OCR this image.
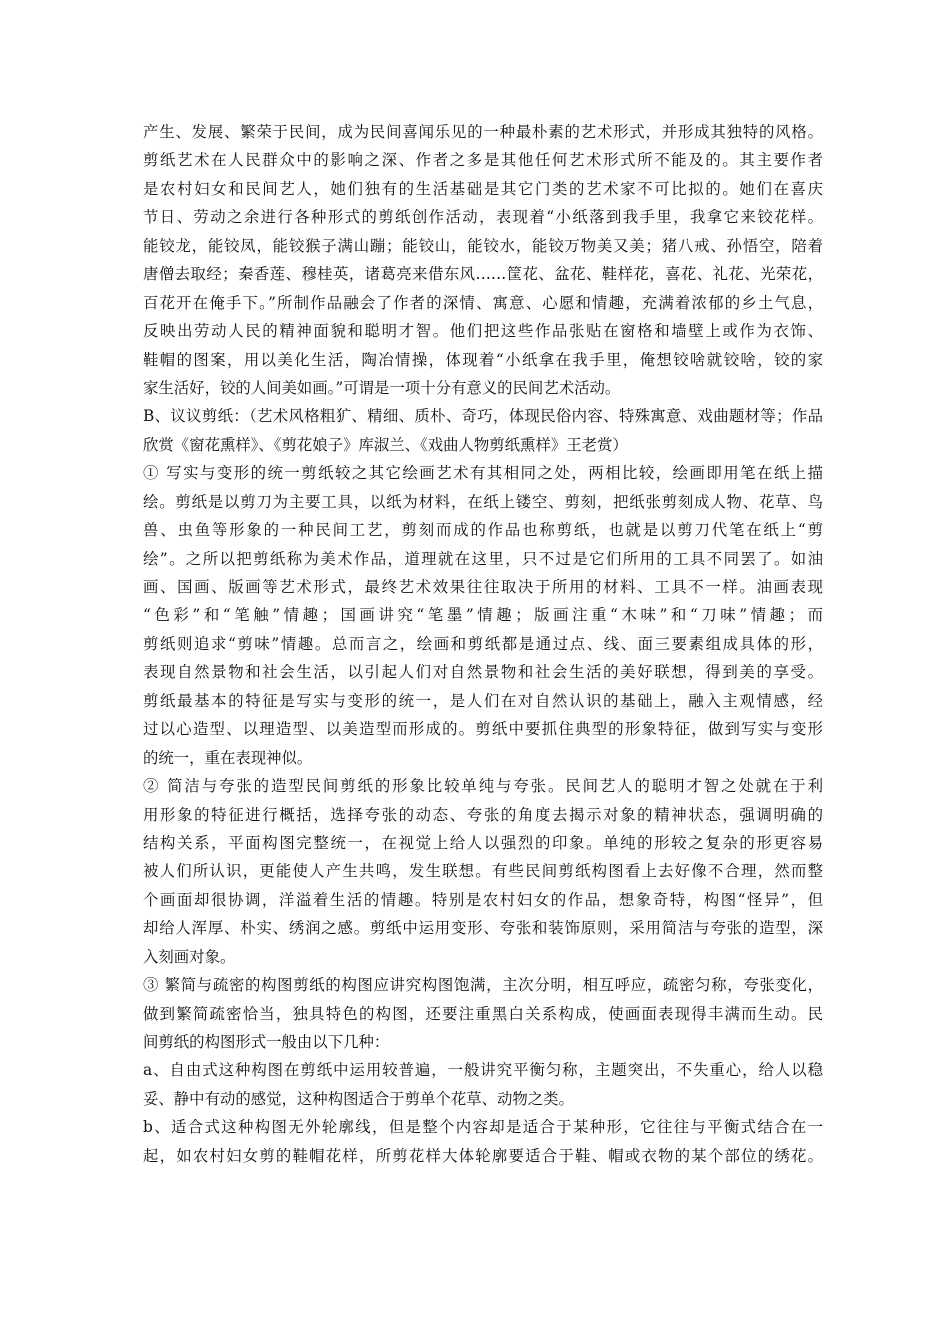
产生、发展、繁荣于民间，成为民间喜闻乐见的一种最朴素的艺术形式，并形成其独特的风格。
剪纸艺术在人民群众中的影响之深、作者之多是其他任何艺术形式所不能及的。其主要作者
是农村妇女和民间艺人，她们独有的生活基础是其它门类的艺术家不可比拟的。她们在喜庆
节日、劳动之余进行各种形式的剪纸创作活动，表现着“小纸落到我手里，我拿它来铰花样。
能铰龙，能铰凤，能铰猴子满山蹦；能铰山，能铰水，能铰万物美又美；猪八戒、孙悟空，陪着
唐僧去取经；秦香莲、穆桂英，诸葛亮来借东风……筐花、盆花、鞋样花，喜花、礼花、光荣花，
百花开在俺手下。”所制作品融会了作者的深情、寓意、心愿和情趣，充满着浓郁的乡土气息，
反映出劳动人民的精神面貌和聪明才智。他们把这些作品张贴在窗格和墙壁上或作为衣饰、
鞋帽的图案，用以美化生活，陶冶情操，体现着“小纸拿在我手里，俺想铰啥就铰啥，铰的家
家生活好，铰的人间美如画。”可谓是一项十分有意义的民间艺术活动。
B、议议剪纸：（艺术风格粗犷、精细、质朴、奇巧，体现民俗内容、特殊寓意、戏曲题材等；作品
欣赏《窗花熏样》、《剪花娘子》库淑兰、《戏曲人物剪纸熏样》王老赏）
① 写实与变形的统一剪纸较之其它绘画艺术有其相同之处，两相比较，绘画即用笔在纸上描
绘。剪纸是以剪刀为主要工具，以纸为材料，在纸上镂空、剪刻，把纸张剪刻成人物、花草、鸟
兽、虫鱼等形象的一种民间工艺，剪刻而成的作品也称剪纸，也就是以剪刀代笔在纸上“剪
绘”。之所以把剪纸称为美术作品，道理就在这里，只不过是它们所用的工具不同罢了。如油
画、国画、版画等艺术形式，最终艺术效果往往取决于所用的材料、工具不一样。油画表现
“色彩”和“笔触”情趣；国画讲究“笔墨”情趣；版画注重“木味”和“刀味”情趣；而
剪纸则追求“剪味”情趣。总而言之，绘画和剪纸都是通过点、线、面三要素组成具体的形，
表现自然景物和社会生活，以引起人们对自然景物和社会生活的美好联想，得到美的享受。
剪纸最基本的特征是写实与变形的统一，是人们在对自然认识的基础上，融入主观情感，经
过以心造型、以理造型、以美造型而形成的。剪纸中要抓住典型的形象特征，做到写实与变形
的统一，重在表现神似。
② 简洁与夸张的造型民间剪纸的形象比较单纯与夸张。民间艺人的聪明才智之处就在于利
用形象的特征进行概括，选择夸张的动态、夸张的角度去揭示对象的精神状态，强调明确的
结构关系，平面构图完整统一，在视觉上给人以强烈的印象。单纯的形较之复杂的形更容易
被人们所认识，更能使人产生共鸣，发生联想。有些民间剪纸构图看上去好像不合理，然而整
个画面却很协调，洋溢着生活的情趣。特别是农村妇女的作品，想象奇特，构图“怪异”，但
却给人浑厚、朴实、绣润之感。剪纸中运用变形、夸张和装饰原则，采用简洁与夸张的造型，深
入刻画对象。
③ 繁简与疏密的构图剪纸的构图应讲究构图饱满，主次分明，相互呼应，疏密匀称，夸张变化，
做到繁简疏密恰当，独具特色的构图，还要注重黑白关系构成，使画面表现得丰满而生动。民
间剪纸的构图形式一般由以下几种：
a、自由式这种构图在剪纸中运用较普遍，一般讲究平衡匀称，主题突出，不失重心，给人以稳
妥、静中有动的感觉，这种构图适合于剪单个花草、动物之类。
b、适合式这种构图无外轮廓线，但是整个内容却是适合于某种形，它往往与平衡式结合在一
起，如农村妇女剪的鞋帽花样，所剪花样大体轮廓要适合于鞋、帽或衣物的某个部位的绣花。
